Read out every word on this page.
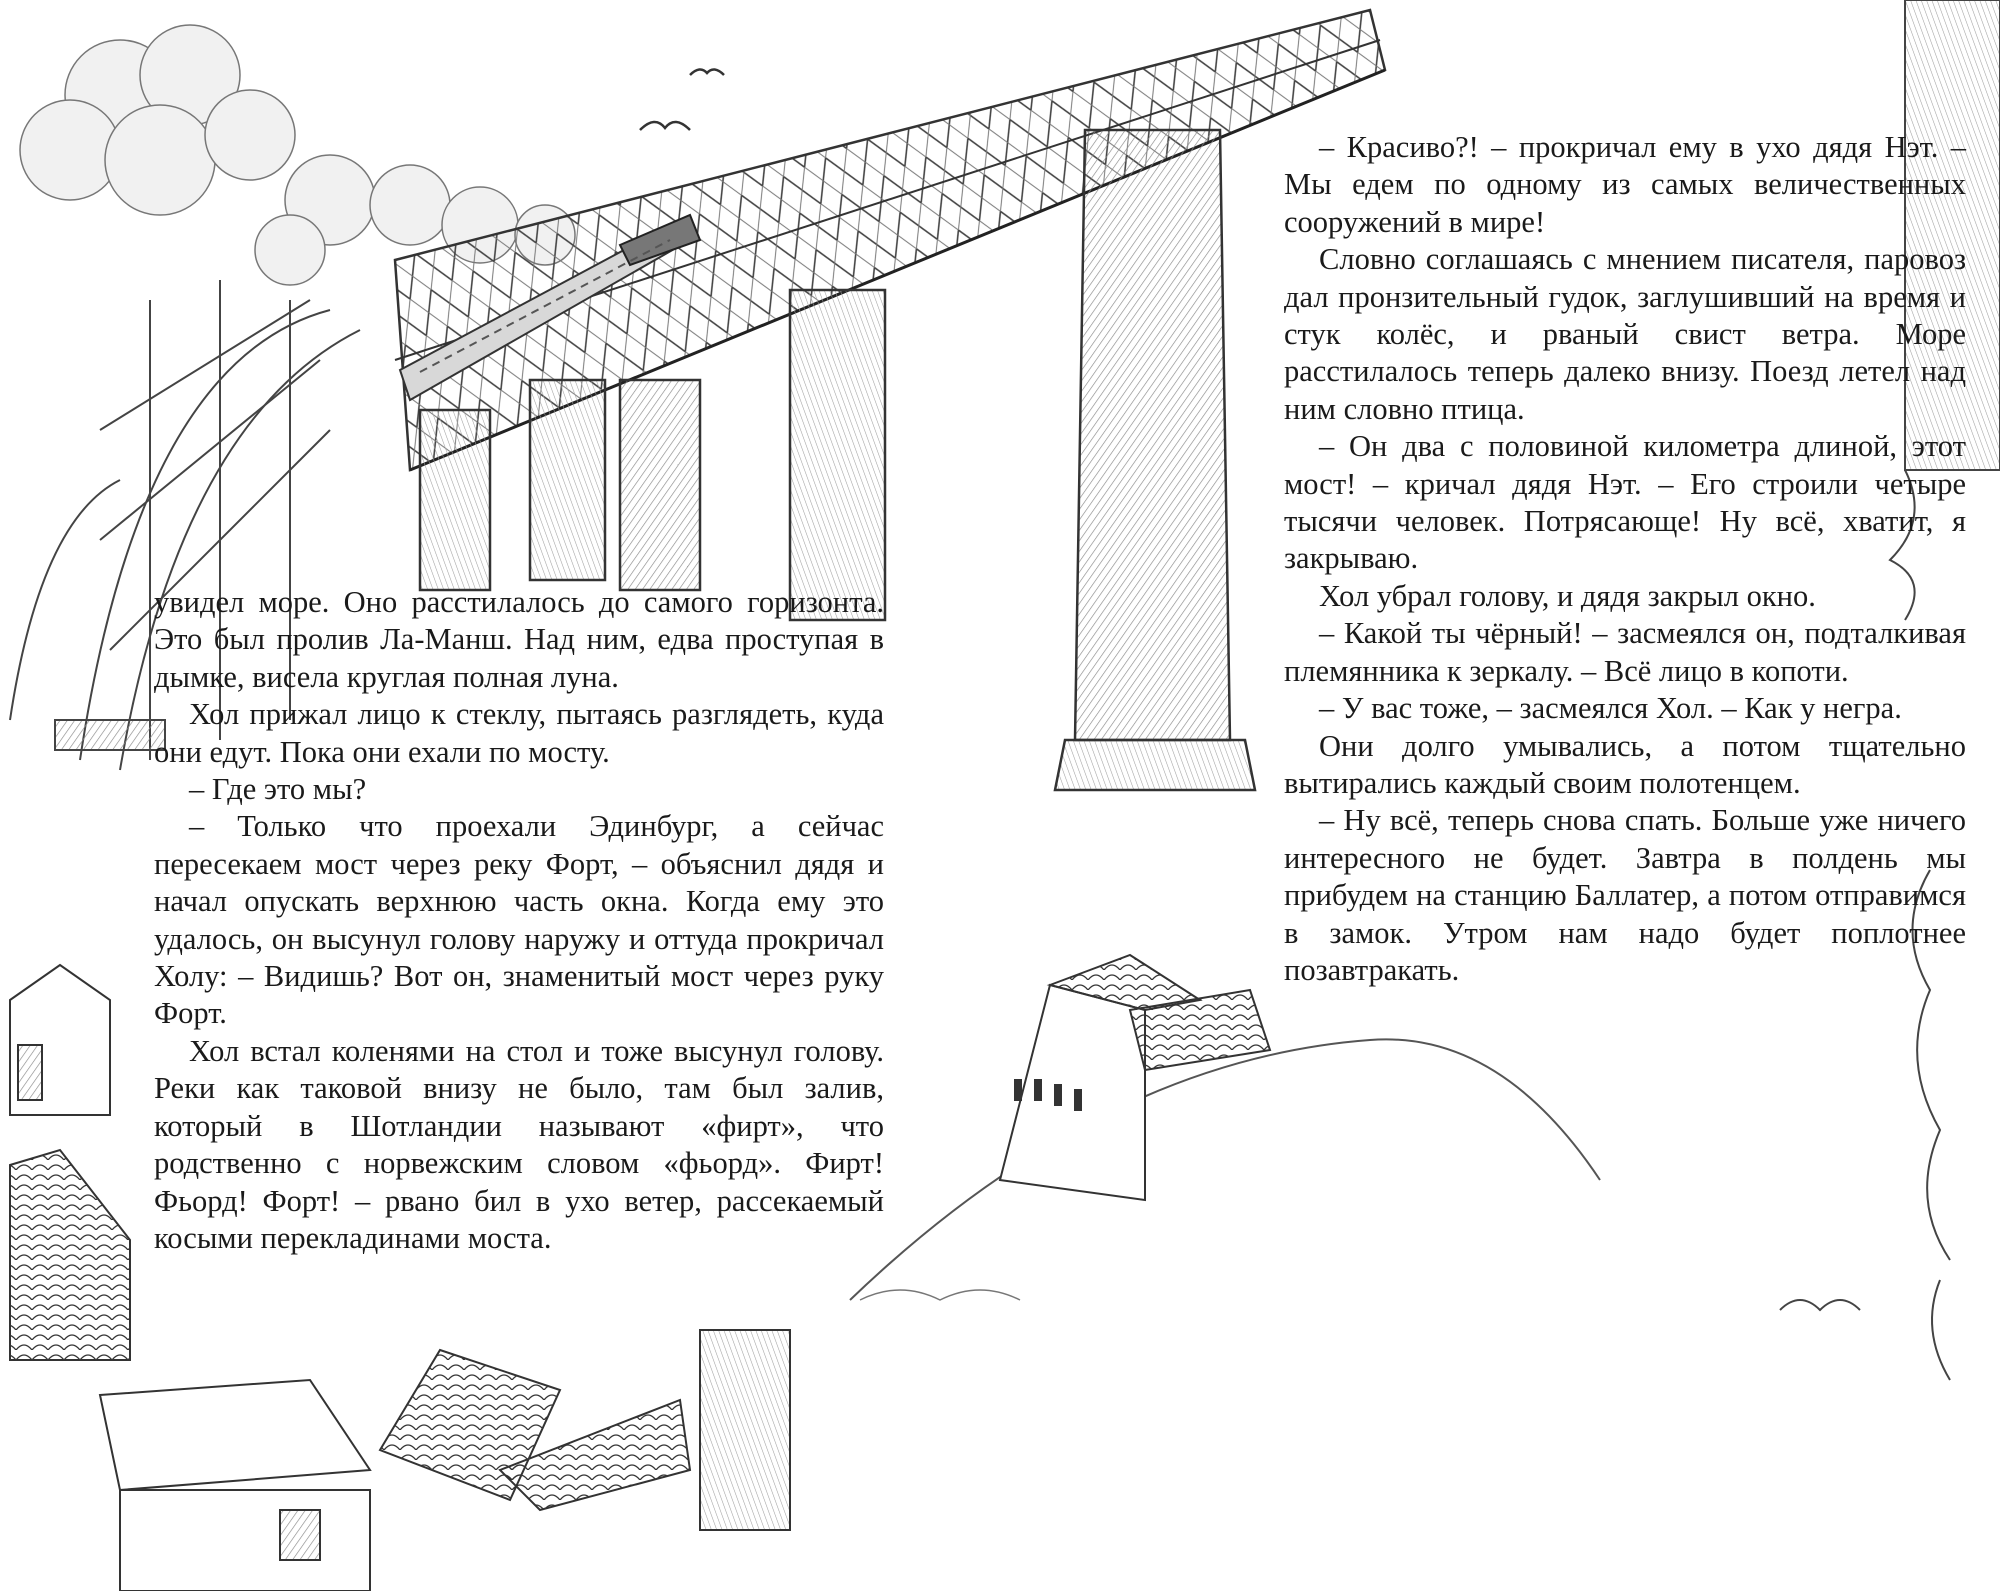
увидел море. Оно расстилалось до самого горизонта. Это был пролив Ла-Манш. Над ним, едва проступая в дымке, висела круглая полная луна.

Хол прижал лицо к стеклу, пытаясь разглядеть, куда они едут. Пока они ехали по мосту.

– Где это мы?

– Только что проехали Эдинбург, а сейчас пересекаем мост через реку Форт, – объяснил дядя и начал опускать верхнюю часть окна. Когда ему это удалось, он высунул голову наружу и оттуда прокричал Холу: – Видишь? Вот он, знаменитый мост через руку Форт.

Хол встал коленями на стол и тоже высунул голову. Реки как таковой внизу не было, там был залив, который в Шотландии называют «фирт», что родственно с норвежским словом «фьорд». Фирт! Фьорд! Форт! – рвано бил в ухо ветер, рассекаемый косыми перекладинами моста.

– Красиво?! – прокричал ему в ухо дядя Нэт. – Мы едем по одному из самых величественных сооружений в мире!

Словно соглашаясь с мнением писателя, паровоз дал пронзительный гудок, заглушивший на время и стук колёс, и рваный свист ветра. Море расстилалось теперь далеко внизу. Поезд летел над ним словно птица.

– Он два с половиной километра длиной, этот мост! – кричал дядя Нэт. – Его строили четыре тысячи человек. Потрясающе! Ну всё, хватит, я закрываю.

Хол убрал голову, и дядя закрыл окно.

– Какой ты чёрный! – засмеялся он, подталкивая племянника к зеркалу. – Всё лицо в копоти.

– У вас тоже, – засмеялся Хол. – Как у негра.

Они долго умывались, а потом тщательно вытирались каждый своим полотенцем.

– Ну всё, теперь снова спать. Больше уже ничего интересного не будет. Завтра в полдень мы прибудем на станцию Баллатер, а потом отправимся в замок. Утром нам надо будет поплотнее позавтракать.
